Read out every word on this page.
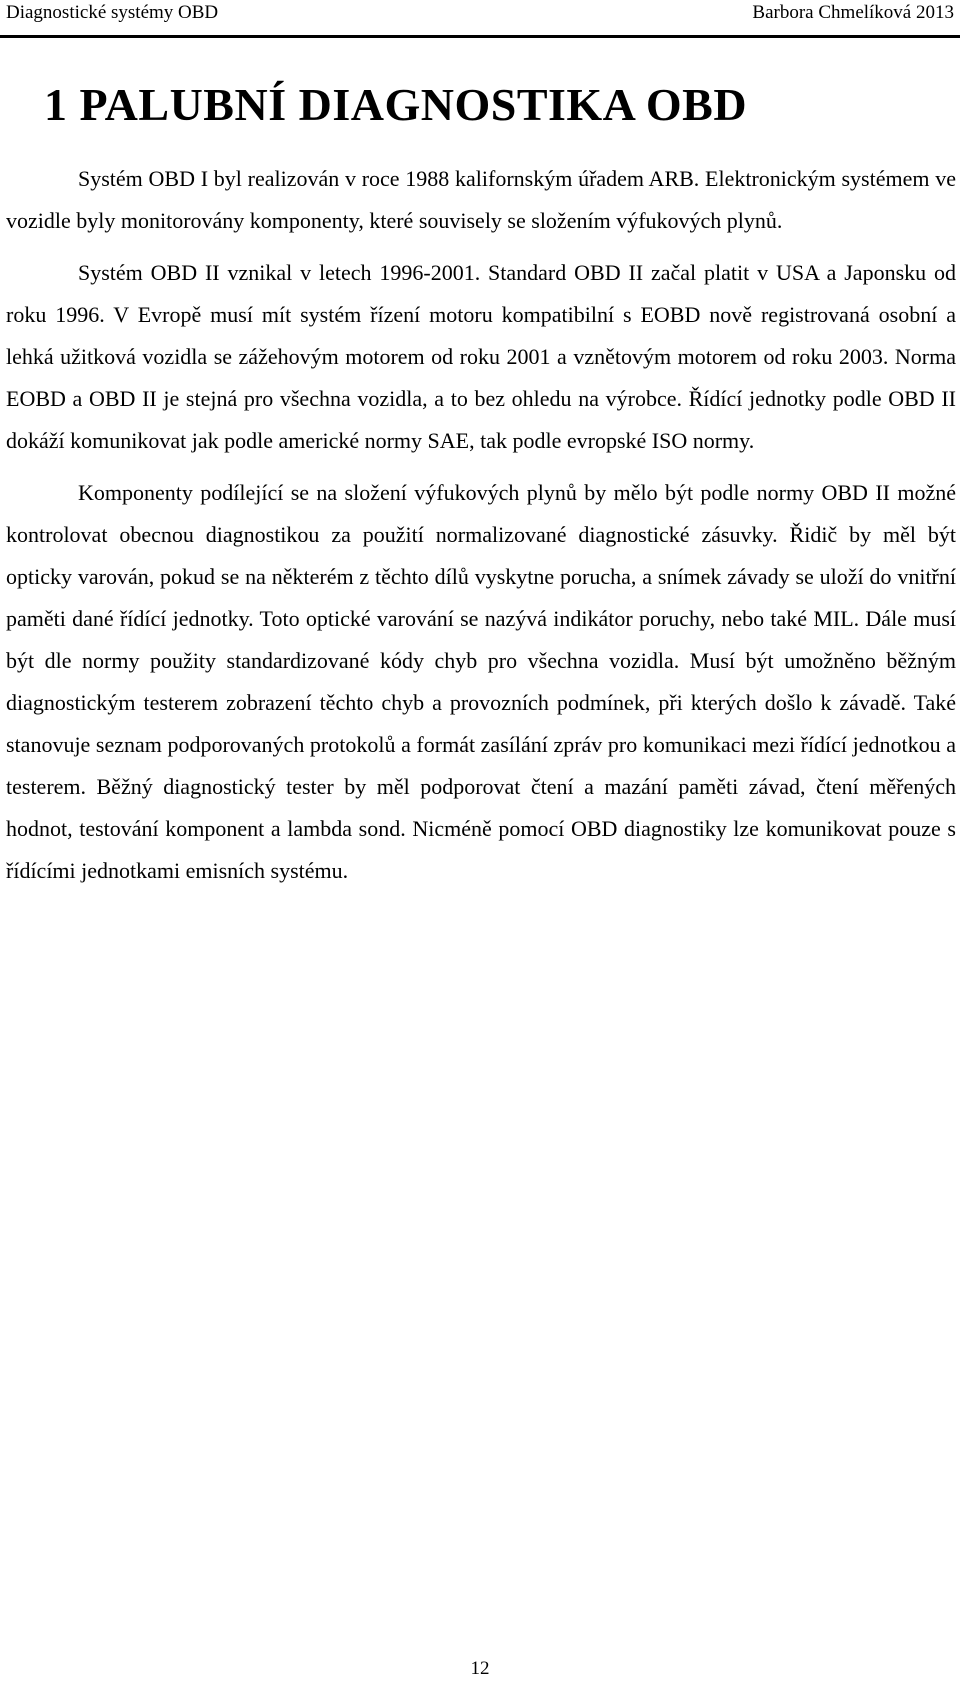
Diagnostické systémy OBD	Barbora Chmelíková 2013
1 PALUBNÍ DIAGNOSTIKA OBD

Systém OBD I byl realizován v roce 1988 kalifornským úřadem ARB. Elektronickým systémem ve vozidle byly monitorovány komponenty, které souvisely se složením výfukových plynů.

Systém OBD II vznikal v letech 1996-2001. Standard OBD II začal platit v USA a Japonsku od roku 1996. V Evropě musí mít systém řízení motoru kompatibilní s EOBD nově registrovaná osobní a lehká užitková vozidla se zážehovým motorem od roku 2001 a vznětovým motorem od roku 2003. Norma EOBD a OBD II je stejná pro všechna vozidla, a to bez ohledu na výrobce. Řídící jednotky podle OBD II dokáží komunikovat jak podle americké normy SAE, tak podle evropské ISO normy.

Komponenty podílející se na složení výfukových plynů by mělo být podle normy OBD II možné kontrolovat obecnou diagnostikou za použití normalizované diagnostické zásuvky. Řidič by měl být opticky varován, pokud se na některém z těchto dílů vyskytne porucha, a snímek závady se uloží do vnitřní paměti dané řídící jednotky. Toto optické varování se nazývá indikátor poruchy, nebo také MIL. Dále musí být dle normy použity standardizované kódy chyb pro všechna vozidla. Musí být umožněno běžným diagnostickým testerem zobrazení těchto chyb a provozních podmínek, při kterých došlo k závadě. Také stanovuje seznam podporovaných protokolů a formát zasílání zpráv pro komunikaci mezi řídící jednotkou a testerem. Běžný diagnostický tester by měl podporovat čtení a mazání paměti závad, čtení měřených hodnot, testování komponent a lambda sond. Nicméně pomocí OBD diagnostiky lze komunikovat pouze s řídícími jednotkami emisních systému.

12
